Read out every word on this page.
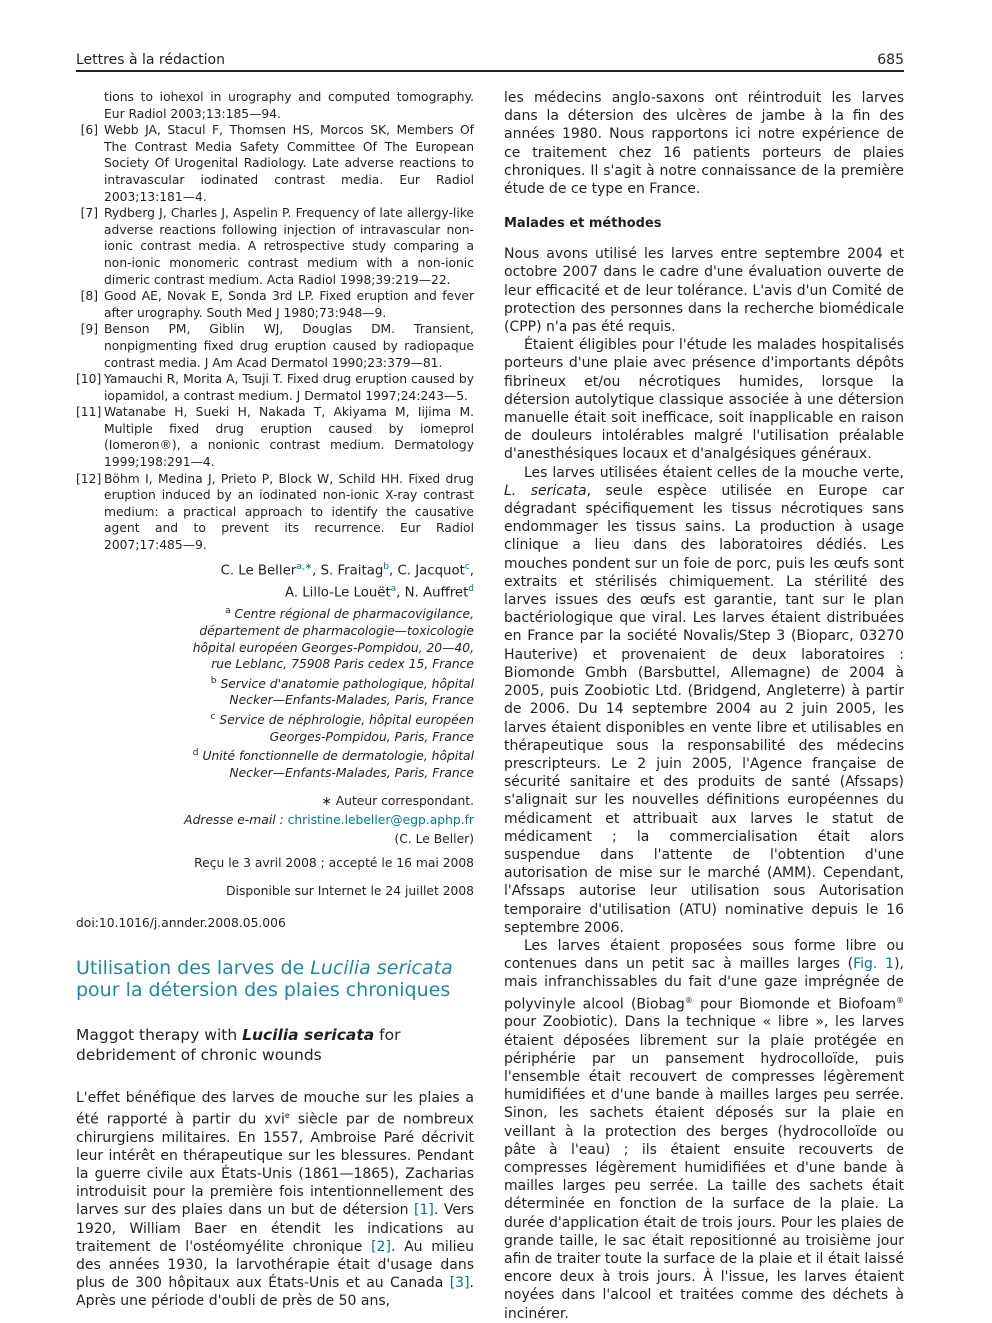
Lettres à la rédaction	685
tions to iohexol in urography and computed tomography. Eur Radiol 2003;13:185—94.
[6] Webb JA, Stacul F, Thomsen HS, Morcos SK, Members Of The Contrast Media Safety Committee Of The European Society Of Urogenital Radiology. Late adverse reactions to intravascular iodinated contrast media. Eur Radiol 2003;13:181—4.
[7] Rydberg J, Charles J, Aspelin P. Frequency of late allergy-like adverse reactions following injection of intravascular non-ionic contrast media. A retrospective study comparing a non-ionic monomeric contrast medium with a non-ionic dimeric contrast medium. Acta Radiol 1998;39:219—22.
[8] Good AE, Novak E, Sonda 3rd LP. Fixed eruption and fever after urography. South Med J 1980;73:948—9.
[9] Benson PM, Giblin WJ, Douglas DM. Transient, nonpigmenting fixed drug eruption caused by radiopaque contrast media. J Am Acad Dermatol 1990;23:379—81.
[10] Yamauchi R, Morita A, Tsuji T. Fixed drug eruption caused by iopamidol, a contrast medium. J Dermatol 1997;24:243—5.
[11] Watanabe H, Sueki H, Nakada T, Akiyama M, Iijima M. Multiple fixed drug eruption caused by iomeprol (Iomeron®), a nonionic contrast medium. Dermatology 1999;198:291—4.
[12] Böhm I, Medina J, Prieto P, Block W, Schild HH. Fixed drug eruption induced by an iodinated non-ionic X-ray contrast medium: a practical approach to identify the causative agent and to prevent its recurrence. Eur Radiol 2007;17:485—9.
C. Le Beller$^{a,∗}$, S. Fraitag$^b$, C. Jacquot$^c$,
A. Lillo-Le Louët$^a$, N. Auffret$^d$
$^a$ Centre régional de pharmacovigilance,
département de pharmacologie—toxicologie
hôpital européen Georges-Pompidou, 20—40,
rue Leblanc, 75908 Paris cedex 15, France
$^b$ Service d'anatomie pathologique, hôpital
Necker—Enfants-Malades, Paris, France
$^c$ Service de néphrologie, hôpital européen
Georges-Pompidou, Paris, France
$^d$ Unité fonctionnelle de dermatologie, hôpital
Necker—Enfants-Malades, Paris, France
∗ Auteur correspondant.
Adresse e-mail : christine.lebeller@egp.aphp.fr
(C. Le Beller)
Reçu le 3 avril 2008 ; accepté le 16 mai 2008
Disponible sur Internet le 24 juillet 2008
doi:10.1016/j.annder.2008.05.006
Utilisation des larves de Lucilia sericata
pour la détersion des plaies chroniques
Maggot therapy with Lucilia sericata for
debridement of chronic wounds

L'effet bénéfique des larves de mouche sur les plaies a été rapporté à partir du xvi$^e$ siècle par de nombreux chirurgiens militaires. En 1557, Ambroise Paré décrivit leur intérêt en thérapeutique sur les blessures. Pendant la guerre civile aux États-Unis (1861—1865), Zacharias introduisit pour la première fois intentionnellement des larves sur des plaies dans un but de détersion [1]. Vers 1920, William Baer en étendit les indications au traitement de l'ostéomyélite chronique [2]. Au milieu des années 1930, la larvothérapie était d'usage dans plus de 300 hôpitaux aux États-Unis et au Canada [3]. Après une période d'oubli de près de 50 ans,

les médecins anglo-saxons ont réintroduit les larves dans la détersion des ulcères de jambe à la fin des années 1980. Nous rapportons ici notre expérience de ce traitement chez 16 patients porteurs de plaies chroniques. Il s'agit à notre connaissance de la première étude de ce type en France.

Malades et méthodes

Nous avons utilisé les larves entre septembre 2004 et octobre 2007 dans le cadre d'une évaluation ouverte de leur efficacité et de leur tolérance. L'avis d'un Comité de protection des personnes dans la recherche biomédicale (CPP) n'a pas été requis.

Étaient éligibles pour l'étude les malades hospitalisés porteurs d'une plaie avec présence d'importants dépôts fibrineux et/ou nécrotiques humides, lorsque la détersion autolytique classique associée à une détersion manuelle était soit inefficace, soit inapplicable en raison de douleurs intolérables malgré l'utilisation préalable d'anesthésiques locaux et d'analgésiques généraux.

Les larves utilisées étaient celles de la mouche verte, L. sericata, seule espèce utilisée en Europe car dégradant spécifiquement les tissus nécrotiques sans endommager les tissus sains. La production à usage clinique a lieu dans des laboratoires dédiés. Les mouches pondent sur un foie de porc, puis les œufs sont extraits et stérilisés chimiquement. La stérilité des larves issues des œufs est garantie, tant sur le plan bactériologique que viral. Les larves étaient distribuées en France par la société Novalis/Step 3 (Bioparc, 03270 Hauterive) et provenaient de deux laboratoires : Biomonde Gmbh (Barsbuttel, Allemagne) de 2004 à 2005, puis Zoobiotic Ltd. (Bridgend, Angleterre) à partir de 2006. Du 14 septembre 2004 au 2 juin 2005, les larves étaient disponibles en vente libre et utilisables en thérapeutique sous la responsabilité des médecins prescripteurs. Le 2 juin 2005, l'Agence française de sécurité sanitaire et des produits de santé (Afssaps) s'alignait sur les nouvelles définitions européennes du médicament et attribuait aux larves le statut de médicament ; la commercialisation était alors suspendue dans l'attente de l'obtention d'une autorisation de mise sur le marché (AMM). Cependant, l'Afssaps autorise leur utilisation sous Autorisation temporaire d'utilisation (ATU) nominative depuis le 16 septembre 2006.

Les larves étaient proposées sous forme libre ou contenues dans un petit sac à mailles larges (Fig. 1), mais infranchissables du fait d'une gaze imprégnée de polyvinyle alcool (Biobag® pour Biomonde et Biofoam® pour Zoobiotic). Dans la technique « libre », les larves étaient déposées librement sur la plaie protégée en périphérie par un pansement hydrocolloïde, puis l'ensemble était recouvert de compresses légèrement humidifiées et d'une bande à mailles larges peu serrée. Sinon, les sachets étaient déposés sur la plaie en veillant à la protection des berges (hydrocolloïde ou pâte à l'eau) ; ils étaient ensuite recouverts de compresses légèrement humidifiées et d'une bande à mailles larges peu serrée. La taille des sachets était déterminée en fonction de la surface de la plaie. La durée d'application était de trois jours. Pour les plaies de grande taille, le sac était repositionné au troisième jour afin de traiter toute la surface de la plaie et il était laissé encore deux à trois jours. À l'issue, les larves étaient noyées dans l'alcool et traitées comme des déchets à incinérer.
